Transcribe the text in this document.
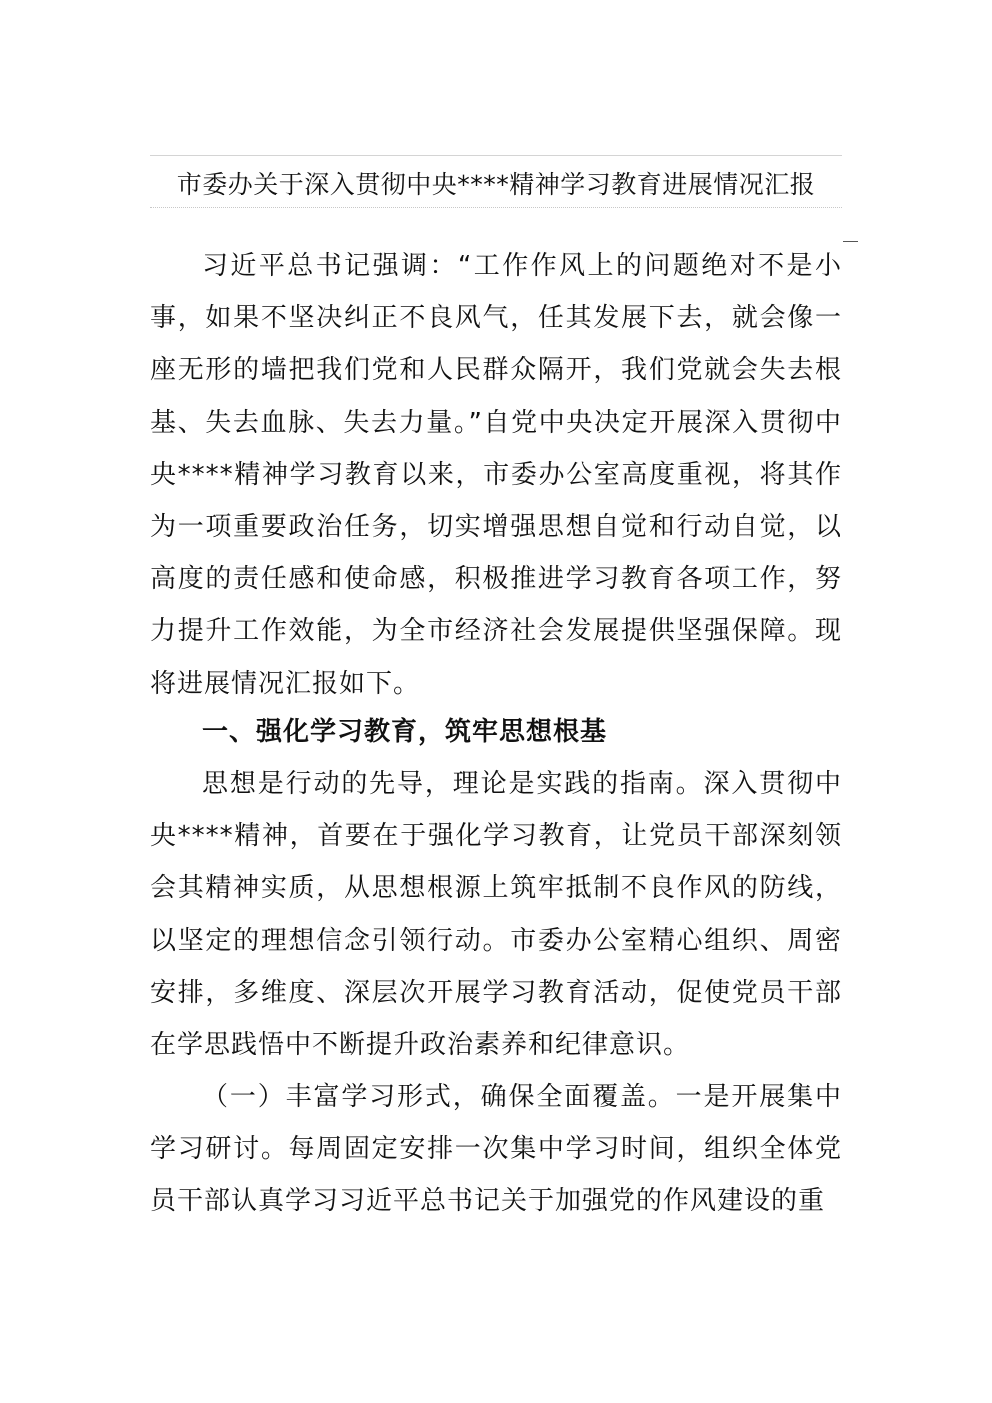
市委办关于深入贯彻中央****精神学习教育进展情况汇报

习近平总书记强调：“工作作风上的问题绝对不是小事，如果不坚决纠正不良风气，任其发展下去，就会像一座无形的墙把我们党和人民群众隔开，我们党就会失去根基、失去血脉、失去力量。”自党中央决定开展深入贯彻中央****精神学习教育以来，市委办公室高度重视，将其作为一项重要政治任务，切实增强思想自觉和行动自觉，以高度的责任感和使命感，积极推进学习教育各项工作，努力提升工作效能，为全市经济社会发展提供坚强保障。现将进展情况汇报如下。

一、强化学习教育，筑牢思想根基

思想是行动的先导，理论是实践的指南。深入贯彻中央****精神，首要在于强化学习教育，让党员干部深刻领会其精神实质，从思想根源上筑牢抵制不良作风的防线，以坚定的理想信念引领行动。市委办公室精心组织、周密安排，多维度、深层次开展学习教育活动，促使党员干部在学思践悟中不断提升政治素养和纪律意识。

（一）丰富学习形式，确保全面覆盖。一是开展集中学习研讨。每周固定安排一次集中学习时间，组织全体党员干部认真学习习近平总书记关于加强党的作风建设的重
